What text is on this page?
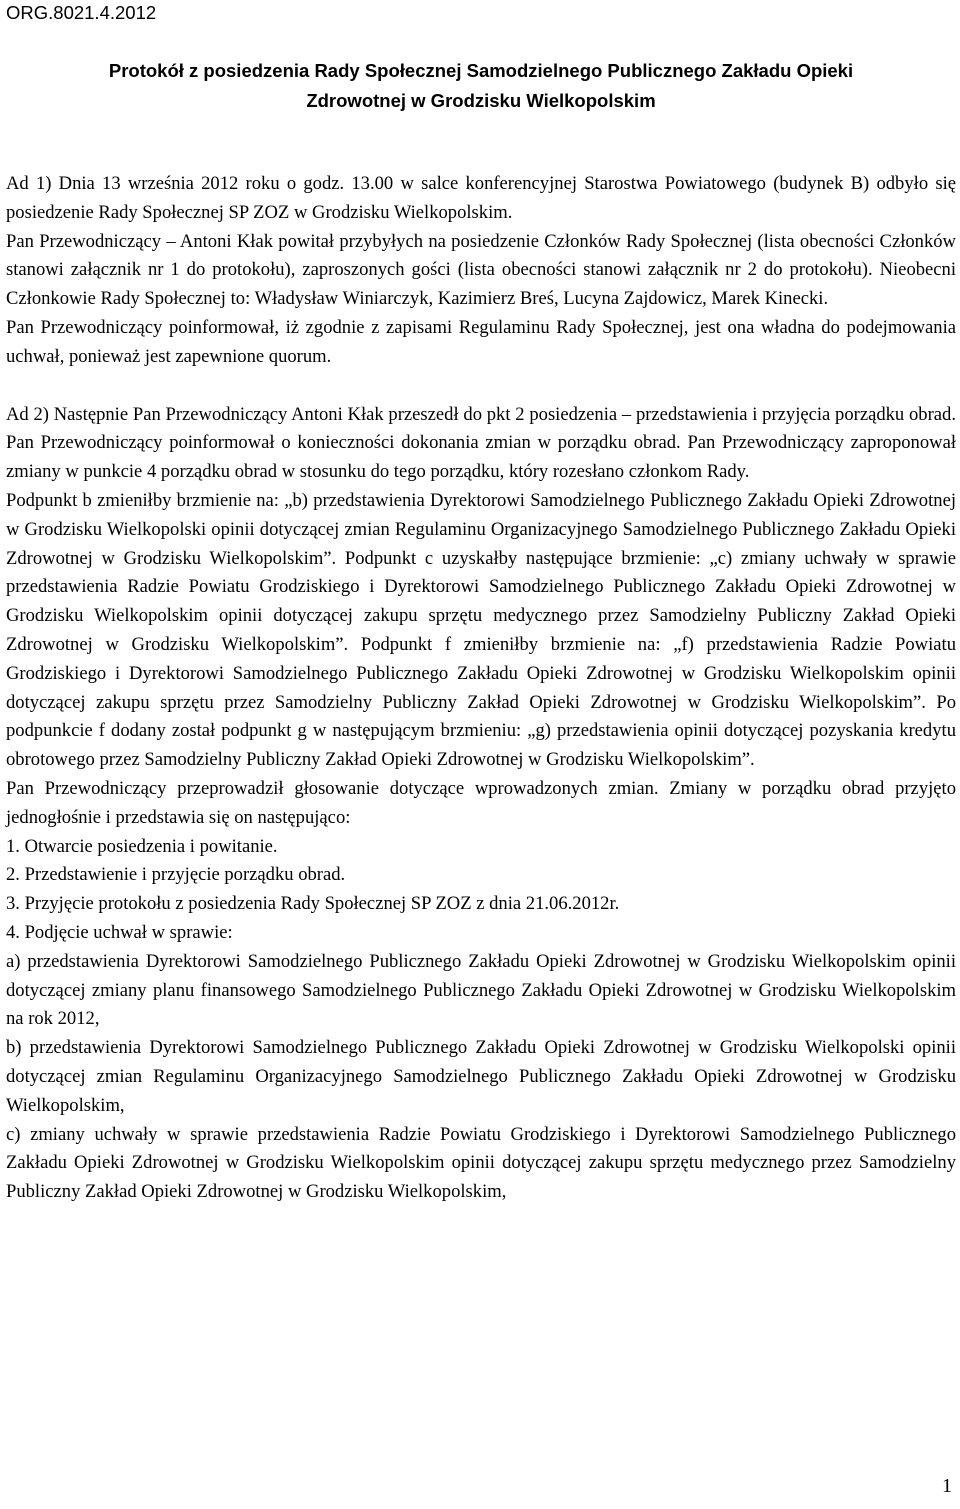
ORG.8021.4.2012
Protokół z posiedzenia Rady Społecznej Samodzielnego Publicznego Zakładu Opieki
Zdrowotnej w Grodzisku Wielkopolskim

Ad 1) Dnia 13 września 2012 roku o godz. 13.00 w salce konferencyjnej Starostwa Powiatowego (budynek B) odbyło się posiedzenie Rady Społecznej SP ZOZ w Grodzisku Wielkopolskim.

Pan Przewodniczący – Antoni Kłak powitał przybyłych na posiedzenie Członków Rady Społecznej (lista obecności Członków stanowi załącznik nr 1 do protokołu), zaproszonych gości (lista obecności stanowi załącznik nr 2 do protokołu). Nieobecni Członkowie Rady Społecznej to: Władysław Winiarczyk, Kazimierz Breś, Lucyna Zajdowicz, Marek Kinecki.

Pan Przewodniczący poinformował, iż zgodnie z zapisami Regulaminu Rady Społecznej, jest ona władna do podejmowania uchwał, ponieważ jest zapewnione quorum.

Ad 2) Następnie Pan Przewodniczący Antoni Kłak przeszedł do pkt 2 posiedzenia – przedstawienia i przyjęcia porządku obrad. Pan Przewodniczący poinformował o konieczności dokonania zmian w porządku obrad. Pan Przewodniczący zaproponował zmiany w punkcie 4 porządku obrad w stosunku do tego porządku, który rozesłano członkom Rady.

Podpunkt b zmieniłby brzmienie na: „b) przedstawienia Dyrektorowi Samodzielnego Publicznego Zakładu Opieki Zdrowotnej w Grodzisku Wielkopolski opinii dotyczącej zmian Regulaminu Organizacyjnego Samodzielnego Publicznego Zakładu Opieki Zdrowotnej w Grodzisku Wielkopolskim”. Podpunkt c uzyskałby następujące brzmienie: „c) zmiany uchwały w sprawie przedstawienia Radzie Powiatu Grodziskiego i Dyrektorowi Samodzielnego Publicznego Zakładu Opieki Zdrowotnej w Grodzisku Wielkopolskim opinii dotyczącej zakupu sprzętu medycznego przez Samodzielny Publiczny Zakład Opieki Zdrowotnej w Grodzisku Wielkopolskim”. Podpunkt f zmieniłby brzmienie na: „f) przedstawienia Radzie Powiatu Grodziskiego i Dyrektorowi Samodzielnego Publicznego Zakładu Opieki Zdrowotnej w Grodzisku Wielkopolskim opinii dotyczącej zakupu sprzętu przez Samodzielny Publiczny Zakład Opieki Zdrowotnej w Grodzisku Wielkopolskim”. Po podpunkcie f dodany został podpunkt g w następującym brzmieniu: „g) przedstawienia opinii dotyczącej pozyskania kredytu obrotowego przez Samodzielny Publiczny Zakład Opieki Zdrowotnej w Grodzisku Wielkopolskim”.

Pan Przewodniczący przeprowadził głosowanie dotyczące wprowadzonych zmian. Zmiany w porządku obrad przyjęto jednogłośnie i przedstawia się on następująco:

1. Otwarcie posiedzenia i powitanie.

2. Przedstawienie i przyjęcie porządku obrad.

3. Przyjęcie protokołu z posiedzenia Rady Społecznej SP ZOZ z dnia 21.06.2012r.

4. Podjęcie uchwał w sprawie:

a) przedstawienia Dyrektorowi Samodzielnego Publicznego Zakładu Opieki Zdrowotnej w Grodzisku Wielkopolskim opinii dotyczącej zmiany planu finansowego Samodzielnego Publicznego Zakładu Opieki Zdrowotnej w Grodzisku Wielkopolskim na rok 2012,

b) przedstawienia Dyrektorowi Samodzielnego Publicznego Zakładu Opieki Zdrowotnej w Grodzisku Wielkopolski opinii dotyczącej zmian Regulaminu Organizacyjnego Samodzielnego Publicznego Zakładu Opieki Zdrowotnej w Grodzisku Wielkopolskim,

c) zmiany uchwały w sprawie przedstawienia Radzie Powiatu Grodziskiego i Dyrektorowi Samodzielnego Publicznego Zakładu Opieki Zdrowotnej w Grodzisku Wielkopolskim opinii dotyczącej zakupu sprzętu medycznego przez Samodzielny Publiczny Zakład Opieki Zdrowotnej w Grodzisku Wielkopolskim,

1
